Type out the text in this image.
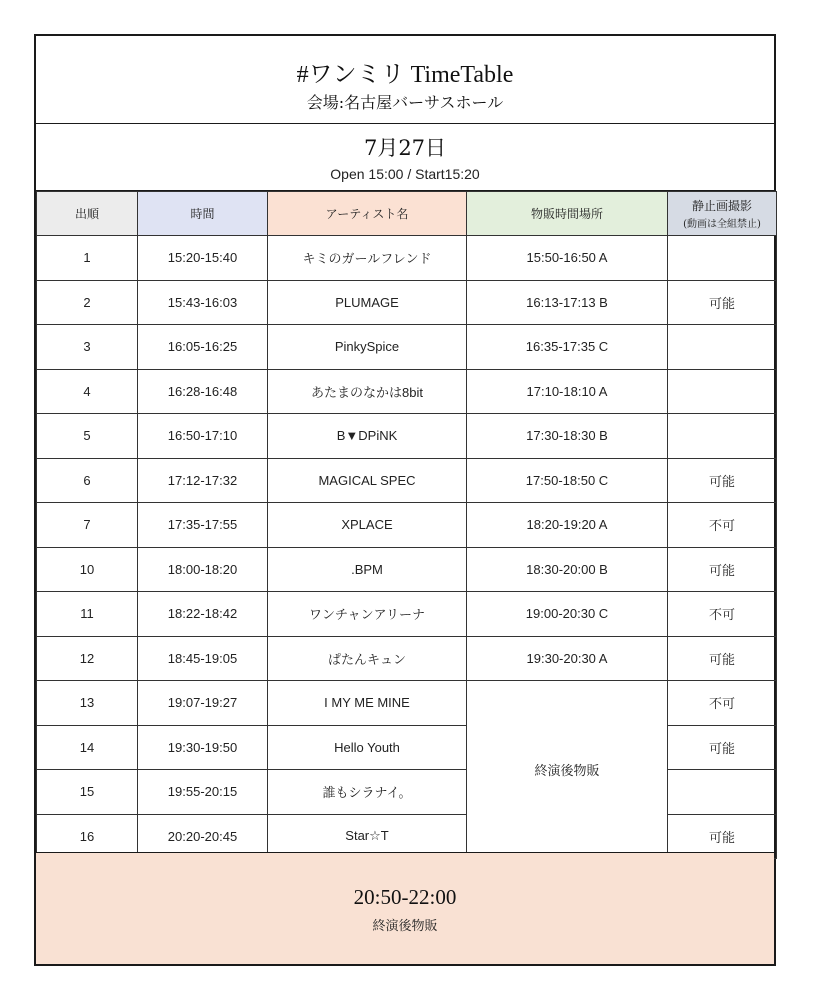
#ワンミリ TimeTable
会場:名古屋バーサスホール
7月27日
Open 15:00 / Start15:20
出順	時間	アーティスト名	物販時間場所	静止画撮影
(動画は全組禁止)

1	15:20-15:40	キミのガールフレンド	15:50-16:50 A	
2	15:43-16:03	PLUMAGE	16:13-17:13 B	可能
3	16:05-16:25	PinkySpice	16:35-17:35 C	
4	16:28-16:48	あたまのなかは8bit	17:10-18:10 A	
5	16:50-17:10	B▼DPiNK	17:30-18:30 B	
6	17:12-17:32	MAGICAL SPEC	17:50-18:50 C	可能
7	17:35-17:55	XPLACE	18:20-19:20 A	不可
10	18:00-18:20	.BPM	18:30-20:00 B	可能
11	18:22-18:42	ワンチャンアリーナ	19:00-20:30 C	不可
12	18:45-19:05	ぱたんキュン	19:30-20:30 A	可能
13	19:07-19:27	I MY ME MINE	終演後物販	不可
14	19:30-19:50	Hello Youth		可能
15	19:55-20:15	誰もシラナイ。		
16	20:20-20:45	Star☆T		可能
20:50-22:00
終演後物販
